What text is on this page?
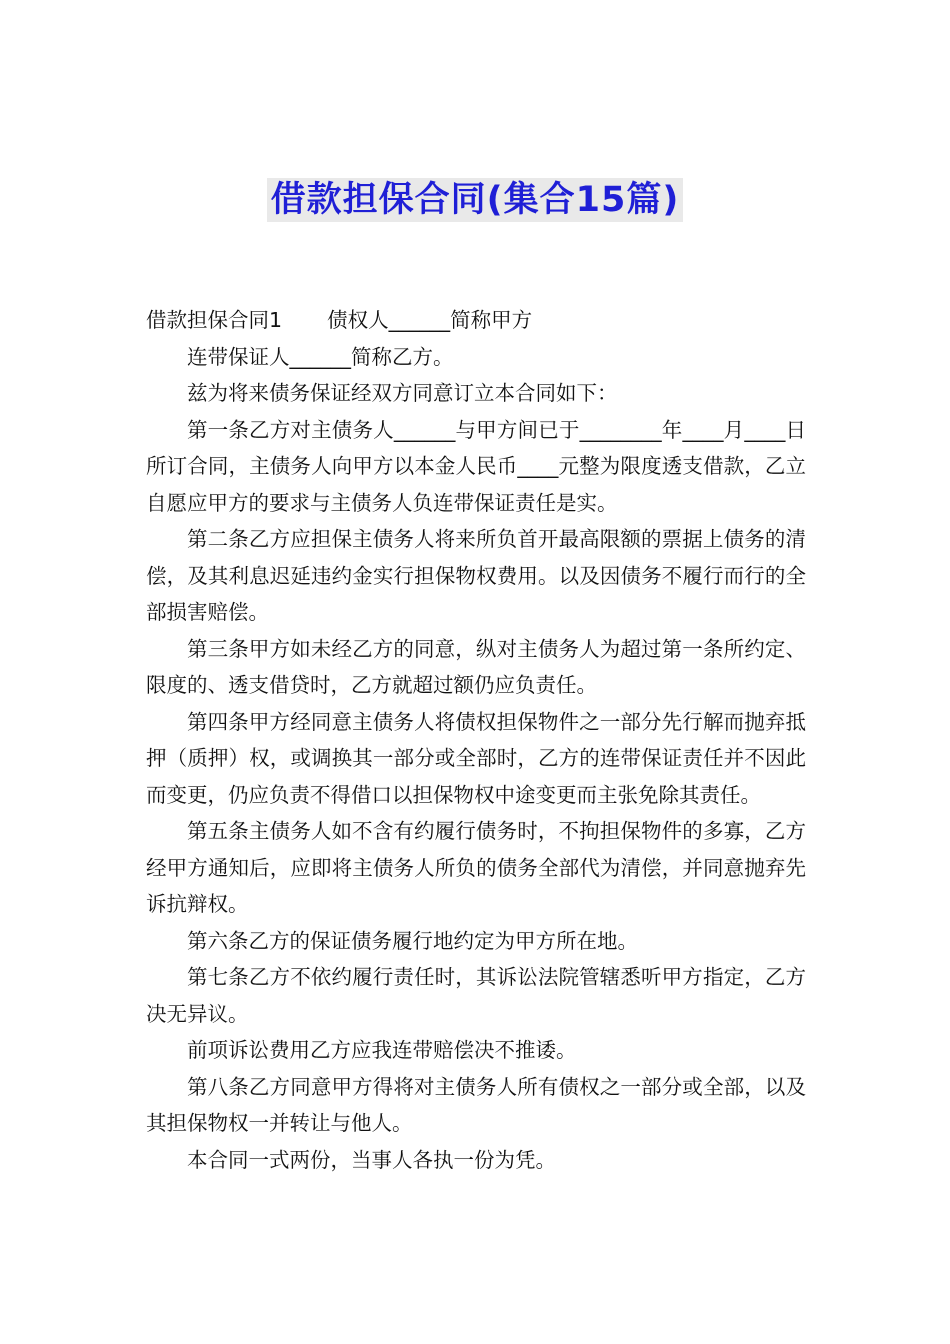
借款担保合同(集合15篇)

借款担保合同1 债权人______简称甲方

连带保证人______简称乙方。

兹为将来债务保证经双方同意订立本合同如下：

第一条乙方对主债务人______与甲方间已于________年____月____日所订合同，主债务人向甲方以本金人民币____元整为限度透支借款，乙立自愿应甲方的要求与主债务人负连带保证责任是实。

第二条乙方应担保主债务人将来所负首开最高限额的票据上债务的清偿，及其利息迟延违约金实行担保物权费用。以及因债务不履行而行的全部损害赔偿。

第三条甲方如未经乙方的同意，纵对主债务人为超过第一条所约定、限度的、透支借贷时，乙方就超过额仍应负责任。

第四条甲方经同意主债务人将债权担保物件之一部分先行解而抛弃抵押（质押）权，或调换其一部分或全部时，乙方的连带保证责任并不因此而变更，仍应负责不得借口以担保物权中途变更而主张免除其责任。

第五条主债务人如不含有约履行债务时，不拘担保物件的多寡，乙方经甲方通知后，应即将主债务人所负的债务全部代为清偿，并同意抛弃先诉抗辩权。

第六条乙方的保证债务履行地约定为甲方所在地。

第七条乙方不依约履行责任时，其诉讼法院管辖悉听甲方指定，乙方决无异议。

前项诉讼费用乙方应我连带赔偿决不推诿。

第八条乙方同意甲方得将对主债务人所有债权之一部分或全部，以及其担保物权一并转让与他人。

本合同一式两份，当事人各执一份为凭。
